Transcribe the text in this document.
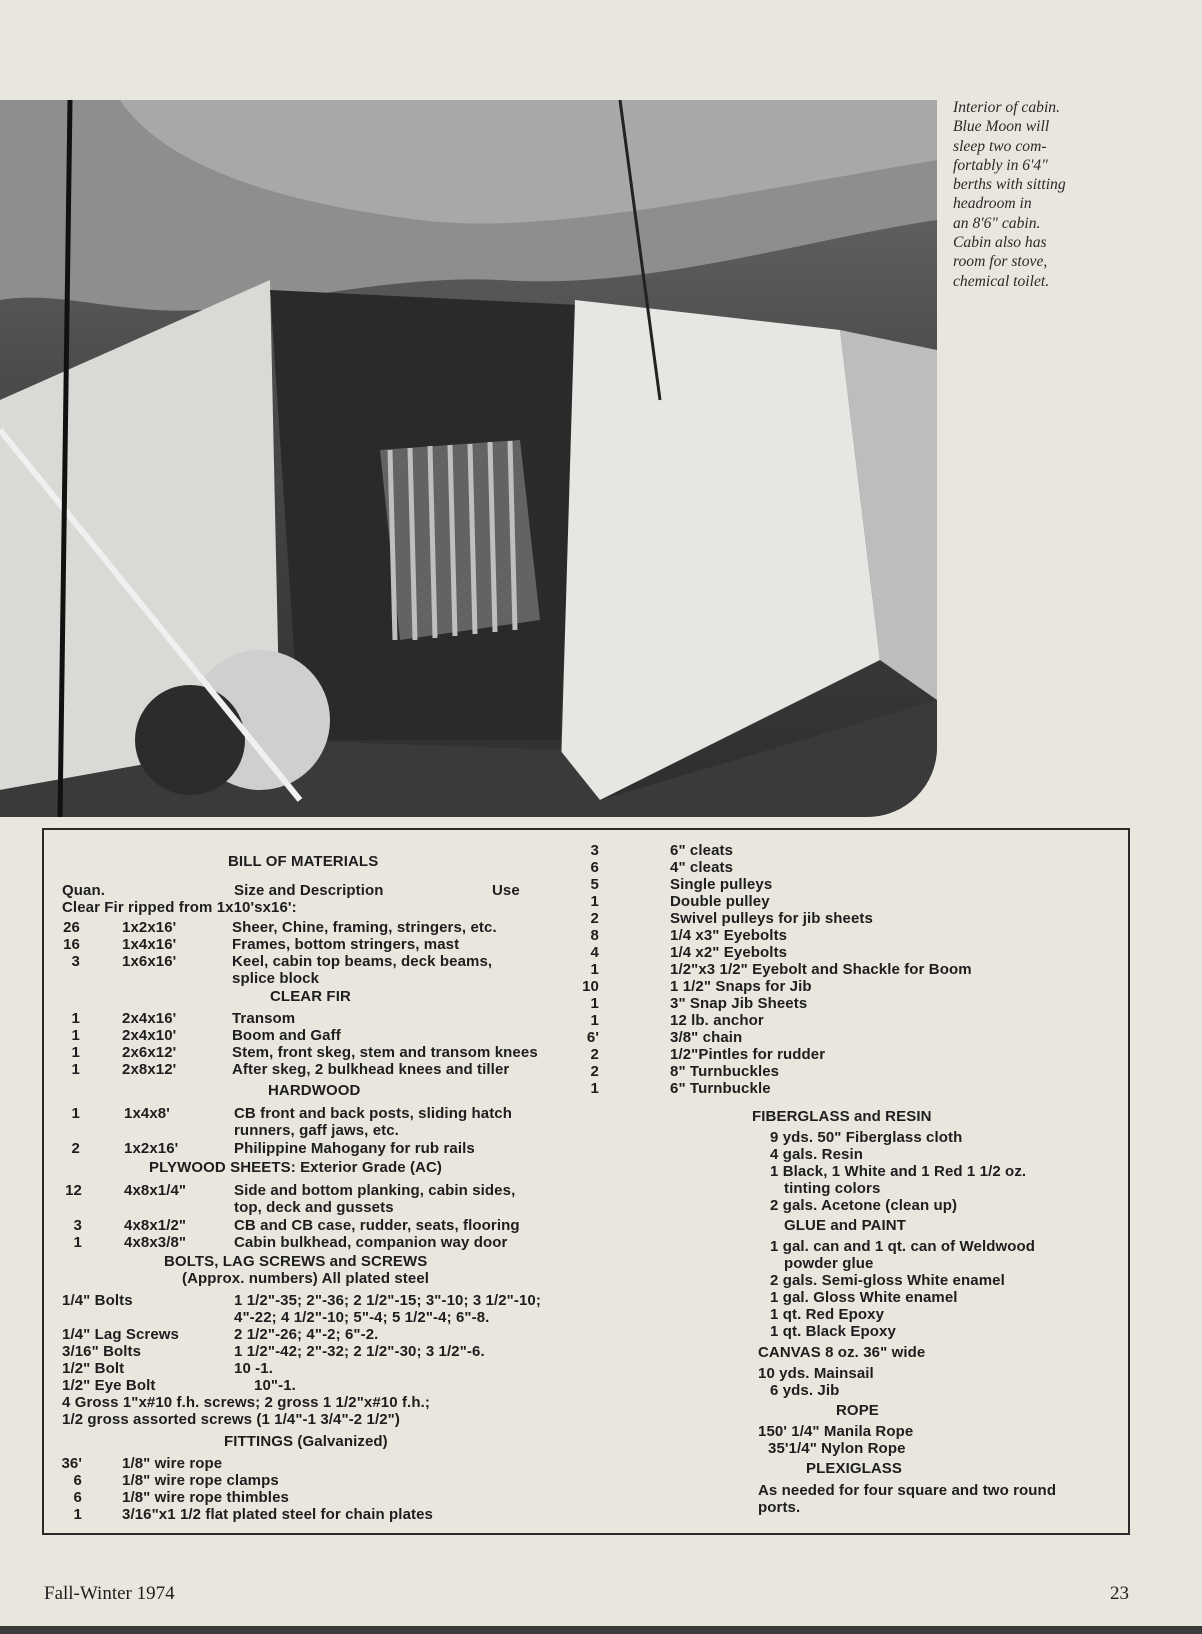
Interior of cabin.
Blue Moon will
sleep two com-
fortably in 6'4"
berths with sitting
headroom in
an 8'6" cabin.
Cabin also has
room for stove,
chemical toilet.
BILL OF MATERIALS
Quan.	Size and Description	Use
Clear Fir ripped from 1x10'sx16':
26	1x2x16'	Sheer, Chine, framing, stringers, etc.
16	1x4x16'	Frames, bottom stringers, mast
3	1x6x16'	Keel, cabin top beams, deck beams,
splice block
CLEAR FIR
1	2x4x16'	Transom
1	2x4x10'	Boom and Gaff
1	2x6x12'	Stem, front skeg, stem and transom knees
1	2x8x12'	After skeg, 2 bulkhead knees and tiller
HARDWOOD
1	1x4x8'	CB front and back posts, sliding hatch
runners, gaff jaws, etc.
2	1x2x16'	Philippine Mahogany for rub rails
PLYWOOD SHEETS: Exterior Grade (AC)
12	4x8x1/4"	Side and bottom planking, cabin sides,
top, deck and gussets
3	4x8x1/2"	CB and CB case, rudder, seats, flooring
1	4x8x3/8"	Cabin bulkhead, companion way door
BOLTS, LAG SCREWS and SCREWS
(Approx. numbers) All plated steel
1/4" Bolts	1 1/2"-35; 2"-36; 2 1/2"-15; 3"-10; 3 1/2"-10;
4"-22; 4 1/2"-10; 5"-4; 5 1/2"-4; 6"-8.
1/4" Lag Screws	2 1/2"-26; 4"-2; 6"-2.
3/16" Bolts	1 1/2"-42; 2"-32; 2 1/2"-30; 3 1/2"-6.
1/2" Bolt	10 -1.
1/2" Eye Bolt	10"-1.
4 Gross 1"x#10 f.h. screws; 2 gross 1 1/2"x#10 f.h.;
1/2 gross assorted screws (1 1/4"-1 3/4"-2 1/2")
FITTINGS (Galvanized)
36'	1/8" wire rope
6	1/8" wire rope clamps
6	1/8" wire rope thimbles
1	3/16"x1 1/2 flat plated steel for chain plates
3	6" cleats
6	4" cleats
5	Single pulleys
1	Double pulley
2	Swivel pulleys for jib sheets
8	1/4 x3" Eyebolts
4	1/4 x2" Eyebolts
1	1/2"x3 1/2" Eyebolt and Shackle for Boom
10	1 1/2" Snaps for Jib
1	3" Snap Jib Sheets
1	12 lb. anchor
6'	3/8" chain
2	1/2"Pintles for rudder
2	8" Turnbuckles
1	6" Turnbuckle
FIBERGLASS and RESIN
9 yds. 50" Fiberglass cloth
4 gals. Resin
1 Black, 1 White and 1 Red 1 1/2 oz.
tinting colors
2 gals. Acetone (clean up)
GLUE and PAINT
1 gal. can and 1 qt. can of Weldwood
powder glue
2 gals. Semi-gloss White enamel
1 gal. Gloss White enamel
1 qt. Red Epoxy
1 qt. Black Epoxy
CANVAS 8 oz. 36" wide
10 yds. Mainsail
6 yds. Jib
ROPE
150' 1/4" Manila Rope
35'1/4" Nylon Rope
PLEXIGLASS
As needed for four square and two round
ports.
Fall-Winter 1974	23
